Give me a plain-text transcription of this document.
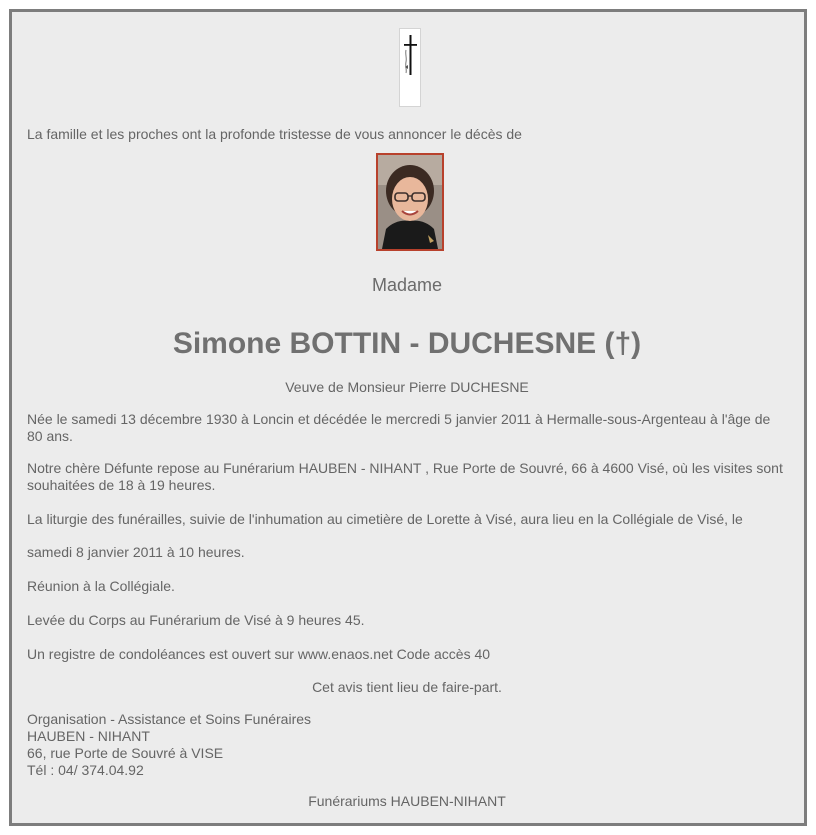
La famille et les proches ont la profonde tristesse de vous annoncer le décès de

Madame

Simone BOTTIN - DUCHESNE (†)

Veuve de Monsieur Pierre DUCHESNE

Née le samedi 13 décembre 1930 à Loncin et décédée le mercredi 5 janvier 2011 à Hermalle-sous-Argenteau à l'âge de 80 ans.

Notre chère Défunte repose au Funérarium HAUBEN - NIHANT , Rue Porte de Souvré, 66 à 4600 Visé, où les visites sont souhaitées de 18 à 19 heures.

La liturgie des funérailles, suivie de l'inhumation au cimetière de Lorette à Visé, aura lieu en la Collégiale de Visé, le

samedi 8 janvier 2011 à 10 heures.

Réunion à la Collégiale.

Levée du Corps au Funérarium de Visé à 9 heures 45.

Un registre de condoléances est ouvert sur www.enaos.net Code accès 40

Cet avis tient lieu de faire-part.

Organisation - Assistance et Soins Funéraires
HAUBEN - NIHANT
66, rue Porte de Souvré à VISE
Tél : 04/ 374.04.92

Funérariums HAUBEN-NIHANT
